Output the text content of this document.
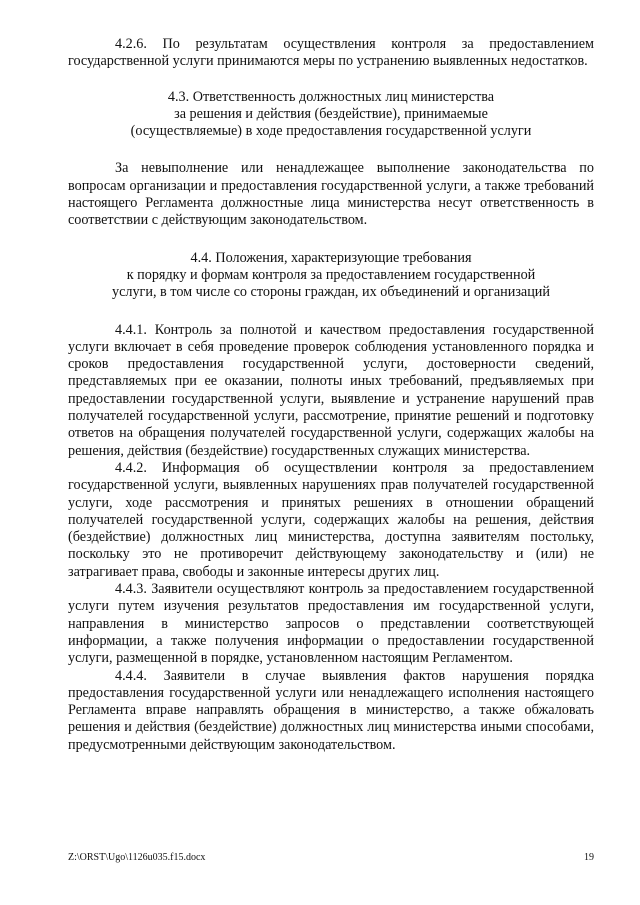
4.2.6. По результатам осуществления контроля за предоставлением государственной услуги принимаются меры по устранению выявленных недостатков.

4.3. Ответственность должностных лиц министерства
за решения и действия (бездействие), принимаемые
(осуществляемые) в ходе предоставления государственной услуги

За невыполнение или ненадлежащее выполнение законодательства по вопросам организации и предоставления государственной услуги, а также требований настоящего Регламента должностные лица министерства несут ответственность в соответствии с действующим законодательством.

4.4. Положения, характеризующие требования
к порядку и формам контроля за предоставлением государственной
услуги, в том числе со стороны граждан, их объединений и организаций

4.4.1. Контроль за полнотой и качеством предоставления государственной услуги включает в себя проведение проверок соблюдения установленного порядка и сроков предоставления государственной услуги, достоверности сведений, представляемых при ее оказании, полноты иных требований, предъявляемых при предоставлении государственной услуги, выявление и устранение нарушений прав получателей государственной услуги, рассмотрение, принятие решений и подготовку ответов на обращения получателей государственной услуги, содержащих жалобы на решения, действия (бездействие) государственных служащих министерства.

4.4.2. Информация об осуществлении контроля за предоставлением государственной услуги, выявленных нарушениях прав получателей государственной услуги, ходе рассмотрения и принятых решениях в отношении обращений получателей государственной услуги, содержащих жалобы на решения, действия (бездействие) должностных лиц министерства, доступна заявителям постольку, поскольку это не противоречит действующему законодательству и (или) не затрагивает права, свободы и законные интересы других лиц.

4.4.3. Заявители осуществляют контроль за предоставлением государственной услуги путем изучения результатов предоставления им государственной услуги, направления в министерство запросов о представлении соответствующей информации, а также получения информации о предоставлении государственной услуги, размещенной в порядке, установленном настоящим Регламентом.

4.4.4. Заявители в случае выявления фактов нарушения порядка предоставления государственной услуги или ненадлежащего исполнения настоящего Регламента вправе направлять обращения в министерство, а также обжаловать решения и действия (бездействие) должностных лиц министерства иными способами, предусмотренными действующим законодательством.

Z:\ORST\Ugo\1126u035.f15.docx	19
